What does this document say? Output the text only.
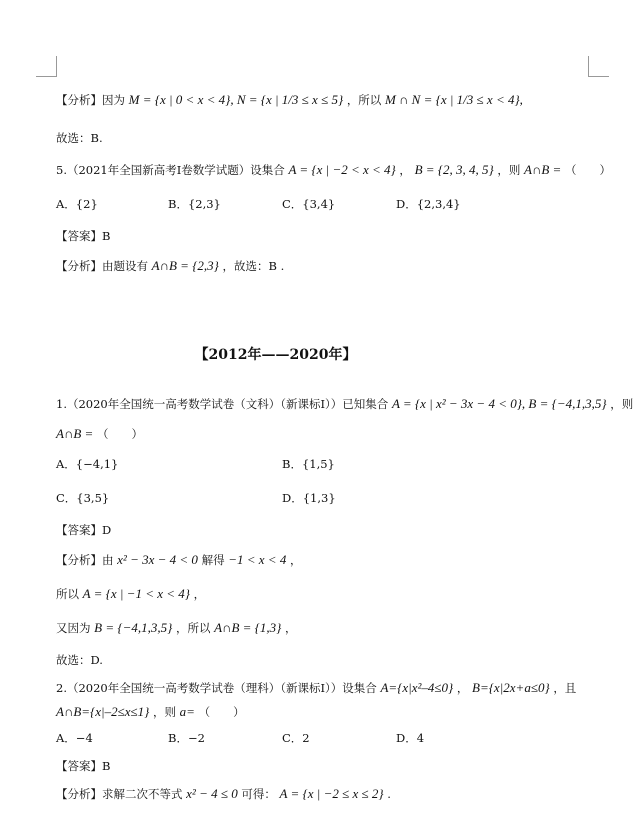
【分析】因为 M = {x | 0 < x < 4}, N = {x | 1/3 ≤ x ≤ 5} ，所以 M ∩ N = {x | 1/3 ≤ x < 4},
故选：B.
5.（2021年全国新高考Ⅰ卷数学试题）设集合 A = {x | −2 < x < 4} ， B = {2, 3, 4, 5} ，则 A∩B = （　　）
A．{2}	B．{2,3}	C．{3,4}	D．{2,3,4}
【答案】B
【分析】由题设有 A∩B = {2,3} ，故选：B .
【2012年——2020年】
1.（2020年全国统一高考数学试卷（文科）（新课标Ⅰ））已知集合 A = {x | x² − 3x − 4 < 0}, B = {−4,1,3,5} ，则
A∩B = （　　）
A．{−4,1}	B．{1,5}
C．{3,5}	D．{1,3}
【答案】D
【分析】由 x² − 3x − 4 < 0 解得 −1 < x < 4 ，
所以 A = {x | −1 < x < 4} ，
又因为 B = {−4,1,3,5} ，所以 A∩B = {1,3} ，
故选：D.
2.（2020年全国统一高考数学试卷（理科）（新课标Ⅰ））设集合 A={x|x²–4≤0} ， B={x|2x+a≤0} ，且
A∩B={x|–2≤x≤1} ，则 a= （　　）
A．−4	B．−2	C．2	D．4
【答案】B
【分析】求解二次不等式 x² − 4 ≤ 0 可得： A = {x | −2 ≤ x ≤ 2} .
